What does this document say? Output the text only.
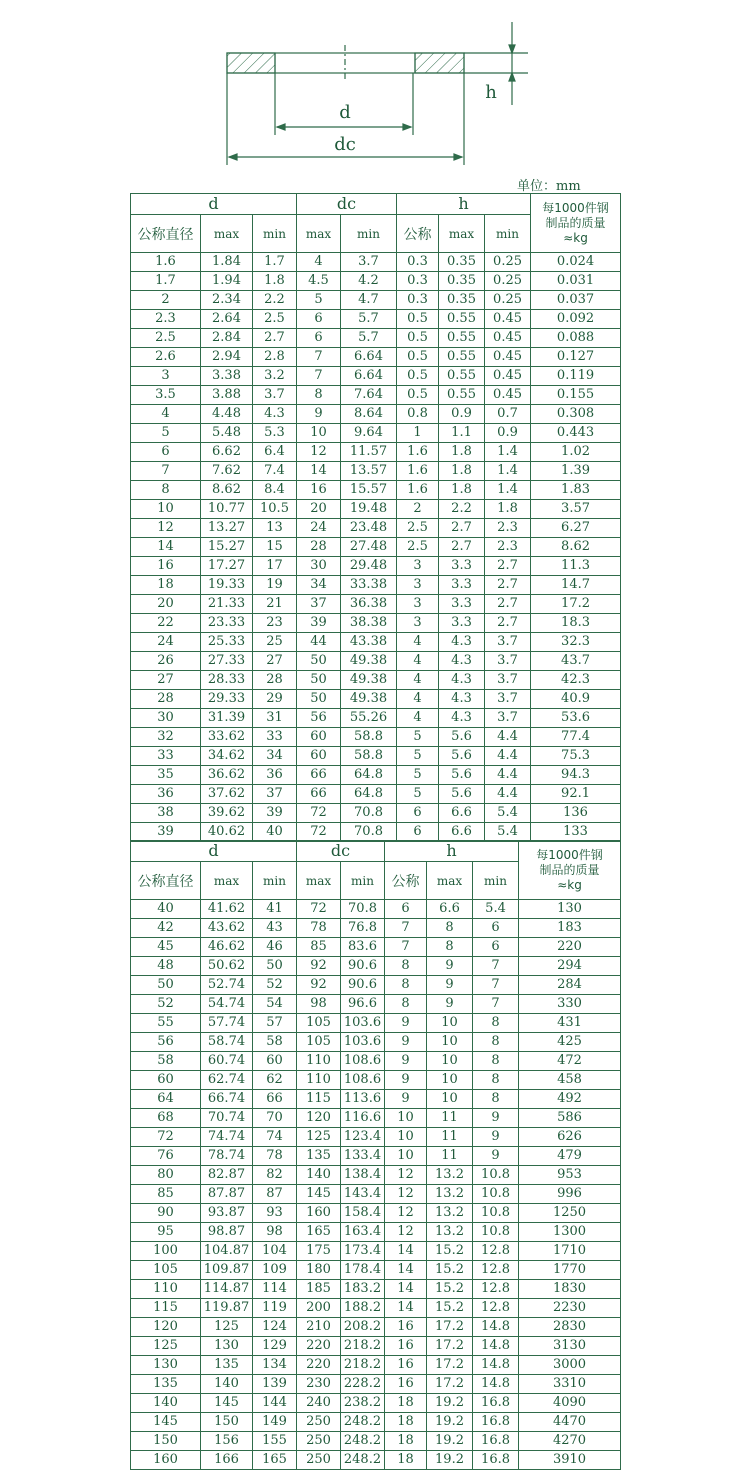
d
dc
h
单位：mm
d			dc		h			每1000件钢
制品的质量
≈kg
公称直径	max	min	max	min	公称	max	min	
1.6	1.84	1.7	4	3.7	0.3	0.35	0.25	0.024
1.7	1.94	1.8	4.5	4.2	0.3	0.35	0.25	0.031
2	2.34	2.2	5	4.7	0.3	0.35	0.25	0.037
2.3	2.64	2.5	6	5.7	0.5	0.55	0.45	0.092
2.5	2.84	2.7	6	5.7	0.5	0.55	0.45	0.088
2.6	2.94	2.8	7	6.64	0.5	0.55	0.45	0.127
3	3.38	3.2	7	6.64	0.5	0.55	0.45	0.119
3.5	3.88	3.7	8	7.64	0.5	0.55	0.45	0.155
4	4.48	4.3	9	8.64	0.8	0.9	0.7	0.308
5	5.48	5.3	10	9.64	1	1.1	0.9	0.443
6	6.62	6.4	12	11.57	1.6	1.8	1.4	1.02
7	7.62	7.4	14	13.57	1.6	1.8	1.4	1.39
8	8.62	8.4	16	15.57	1.6	1.8	1.4	1.83
10	10.77	10.5	20	19.48	2	2.2	1.8	3.57
12	13.27	13	24	23.48	2.5	2.7	2.3	6.27
14	15.27	15	28	27.48	2.5	2.7	2.3	8.62
16	17.27	17	30	29.48	3	3.3	2.7	11.3
18	19.33	19	34	33.38	3	3.3	2.7	14.7
20	21.33	21	37	36.38	3	3.3	2.7	17.2
22	23.33	23	39	38.38	3	3.3	2.7	18.3
24	25.33	25	44	43.38	4	4.3	3.7	32.3
26	27.33	27	50	49.38	4	4.3	3.7	43.7
27	28.33	28	50	49.38	4	4.3	3.7	42.3
28	29.33	29	50	49.38	4	4.3	3.7	40.9
30	31.39	31	56	55.26	4	4.3	3.7	53.6
32	33.62	33	60	58.8	5	5.6	4.4	77.4
33	34.62	34	60	58.8	5	5.6	4.4	75.3
35	36.62	36	66	64.8	5	5.6	4.4	94.3
36	37.62	37	66	64.8	5	5.6	4.4	92.1
38	39.62	39	72	70.8	6	6.6	5.4	136
39	40.62	40	72	70.8	6	6.6	5.4	133
d			dc		h			每1000件钢
制品的质量
≈kg
公称直径	max	min	max	min	公称	max	min	
40	41.62	41	72	70.8	6	6.6	5.4	130
42	43.62	43	78	76.8	7	8	6	183
45	46.62	46	85	83.6	7	8	6	220
48	50.62	50	92	90.6	8	9	7	294
50	52.74	52	92	90.6	8	9	7	284
52	54.74	54	98	96.6	8	9	7	330
55	57.74	57	105	103.6	9	10	8	431
56	58.74	58	105	103.6	9	10	8	425
58	60.74	60	110	108.6	9	10	8	472
60	62.74	62	110	108.6	9	10	8	458
64	66.74	66	115	113.6	9	10	8	492
68	70.74	70	120	116.6	10	11	9	586
72	74.74	74	125	123.4	10	11	9	626
76	78.74	78	135	133.4	10	11	9	479
80	82.87	82	140	138.4	12	13.2	10.8	953
85	87.87	87	145	143.4	12	13.2	10.8	996
90	93.87	93	160	158.4	12	13.2	10.8	1250
95	98.87	98	165	163.4	12	13.2	10.8	1300
100	104.87	104	175	173.4	14	15.2	12.8	1710
105	109.87	109	180	178.4	14	15.2	12.8	1770
110	114.87	114	185	183.2	14	15.2	12.8	1830
115	119.87	119	200	188.2	14	15.2	12.8	2230
120	125	124	210	208.2	16	17.2	14.8	2830
125	130	129	220	218.2	16	17.2	14.8	3130
130	135	134	220	218.2	16	17.2	14.8	3000
135	140	139	230	228.2	16	17.2	14.8	3310
140	145	144	240	238.2	18	19.2	16.8	4090
145	150	149	250	248.2	18	19.2	16.8	4470
150	156	155	250	248.2	18	19.2	16.8	4270
160	166	165	250	248.2	18	19.2	16.8	3910
